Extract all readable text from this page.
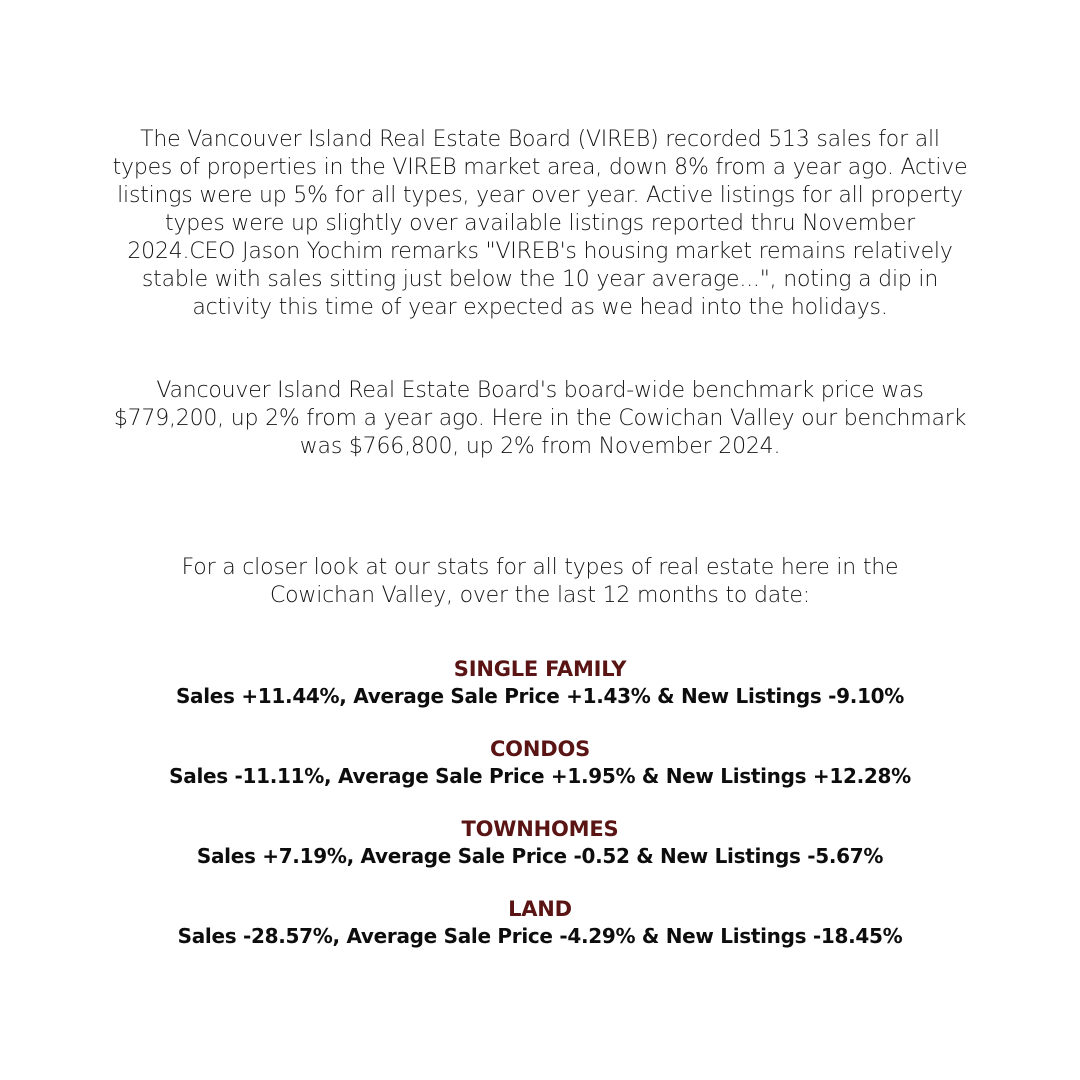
The Vancouver Island Real Estate Board (VIREB) recorded 513 sales for all types of properties in the VIREB market area, down 8% from a year ago. Active listings were up 5% for all types, year over year. Active listings for all property types were up slightly over available listings reported thru November 2024.CEO Jason Yochim remarks "VIREB's housing market remains relatively stable with sales sitting just below the 10 year average...", noting a dip in activity this time of year expected as we head into the holidays.

Vancouver Island Real Estate Board's board-wide benchmark price was $779,200, up 2% from a year ago. Here in the Cowichan Valley our benchmark was $766,800, up 2% from November 2024.

For a closer look at our stats for all types of real estate here in the Cowichan Valley, over the last 12 months to date:

SINGLE FAMILY
Sales +11.44%, Average Sale Price +1.43% & New Listings -9.10%
CONDOS
Sales -11.11%, Average Sale Price +1.95% & New Listings +12.28%
TOWNHOMES
Sales +7.19%, Average Sale Price -0.52 & New Listings -5.67%
LAND
Sales -28.57%, Average Sale Price -4.29% & New Listings -18.45%
